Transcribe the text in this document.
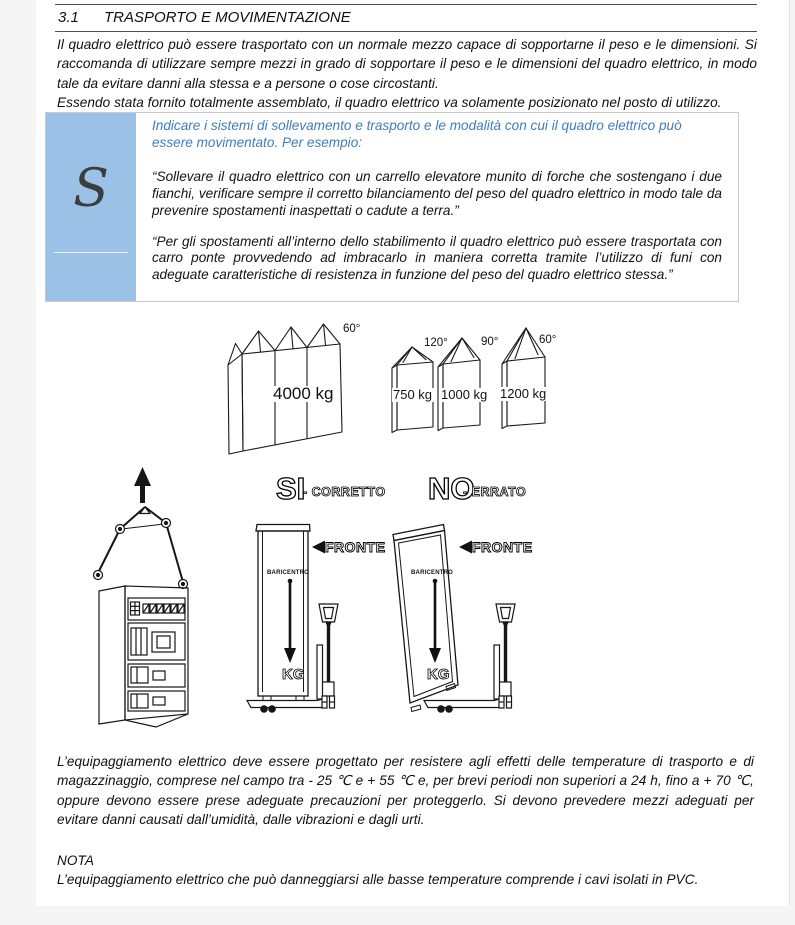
3.1	TRASPORTO E MOVIMENTAZIONE

Il quadro elettrico può essere trasportato con un normale mezzo capace di sopportarne il peso e le dimensioni. Si raccomanda di utilizzare sempre mezzi in grado di sopportare il peso e le dimensioni del quadro elettrico, in modo tale da evitare danni alla stessa e a persone o cose circostanti.

Essendo stata fornito totalmente assemblato, il quadro elettrico va solamente posizionato nel posto di utilizzo.

S

Indicare i sistemi di sollevamento e trasporto e le modalità con cui il quadro elettrico può essere movimentato. Per esempio:

“Sollevare il quadro elettrico con un carrello elevatore munito di forche che sostengano i due fianchi, verificare sempre il corretto bilanciamento del peso del quadro elettrico in modo tale da prevenire spostamenti inaspettati o cadute a terra.”

“Per gli spostamenti all’interno dello stabilimento il quadro elettrico può essere trasportata con carro ponte provvedendo ad imbracarlo in maniera corretta tramite l’utilizzo di funi con adeguate caratteristiche di resistenza in funzione del peso del quadro elettrico stessa.”

4000 kg
60°
750 kg
120°
1000 kg
90°
1200 kg
60°
SI
- CORRETTO
BARICENTRO
KG
FRONTE
NO
- ERRATO
BARICENTRO
KG
FRONTE

L’equipaggiamento elettrico deve essere progettato per resistere agli effetti delle temperature di trasporto e di magazzinaggio, comprese nel campo tra - 25 ℃ e + 55 ℃ e, per brevi periodi non superiori a 24 h, fino a + 70 ℃, oppure devono essere prese adeguate precauzioni per proteggerlo. Si devono prevedere mezzi adeguati per evitare danni causati dall’umidità, dalle vibrazioni e dagli urti.

NOTA

L’equipaggiamento elettrico che può danneggiarsi alle basse temperature comprende i cavi isolati in PVC.
